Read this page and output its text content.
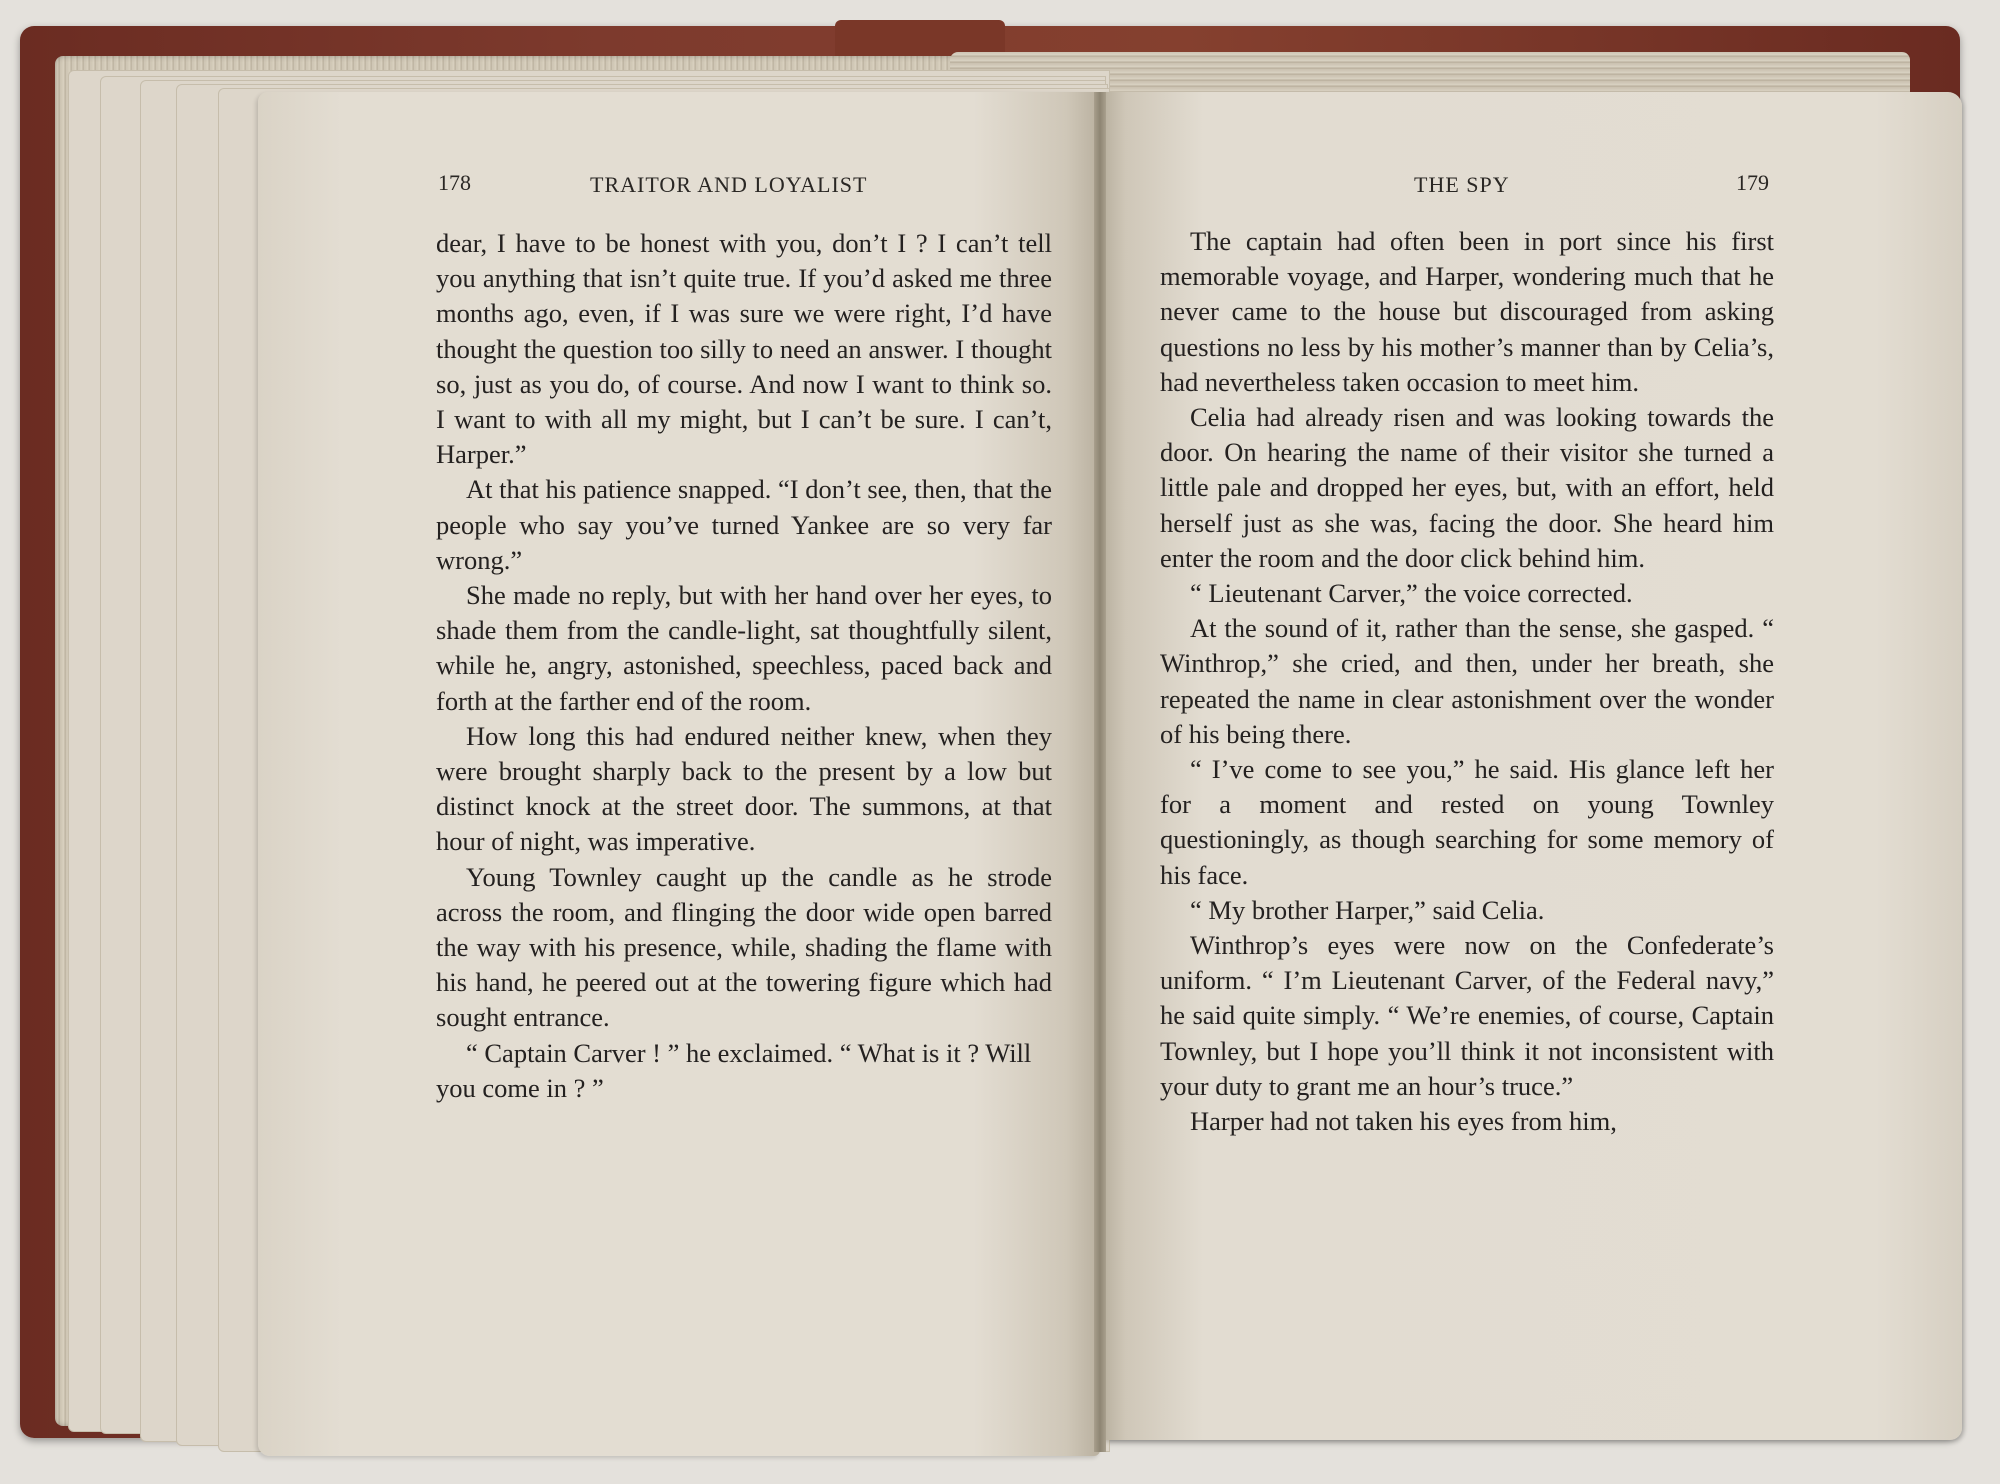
178	TRAITOR AND LOYALIST	THE SPY	179

dear, I have to be honest with you, don’t I ? I can’t tell you anything that isn’t quite true. If you’d asked me three months ago, even, if I was sure we were right, I’d have thought the question too silly to need an answer. I thought so, just as you do, of course. And now I want to think so. I want to with all my might, but I can’t be sure. I can’t, Harper.”

At that his patience snapped. “I don’t see, then, that the people who say you’ve turned Yankee are so very far wrong.”

She made no reply, but with her hand over her eyes, to shade them from the candle-light, sat thoughtfully silent, while he, angry, astonished, speechless, paced back and forth at the farther end of the room.

How long this had endured neither knew, when they were brought sharply back to the present by a low but distinct knock at the street door. The summons, at that hour of night, was imperative.

Young Townley caught up the candle as he strode across the room, and flinging the door wide open barred the way with his presence, while, shading the flame with his hand, he peered out at the towering figure which had sought entrance.

“ Captain Carver ! ” he exclaimed. “ What is it ? Will you come in ? ”

The captain had often been in port since his first memorable voyage, and Harper, wondering much that he never came to the house but discouraged from asking questions no less by his mother’s manner than by Celia’s, had nevertheless taken occasion to meet him.

Celia had already risen and was looking towards the door. On hearing the name of their visitor she turned a little pale and dropped her eyes, but, with an effort, held herself just as she was, facing the door. She heard him enter the room and the door click behind him.

“ Lieutenant Carver,” the voice corrected.

At the sound of it, rather than the sense, she gasped. “ Winthrop,” she cried, and then, under her breath, she repeated the name in clear astonishment over the wonder of his being there.

“ I’ve come to see you,” he said. His glance left her for a moment and rested on young Townley questioningly, as though searching for some memory of his face.

“ My brother Harper,” said Celia.

Winthrop’s eyes were now on the Confederate’s uniform. “ I’m Lieutenant Carver, of the Federal navy,” he said quite simply. “ We’re enemies, of course, Captain Townley, but I hope you’ll think it not inconsistent with your duty to grant me an hour’s truce.”

Harper had not taken his eyes from him,
